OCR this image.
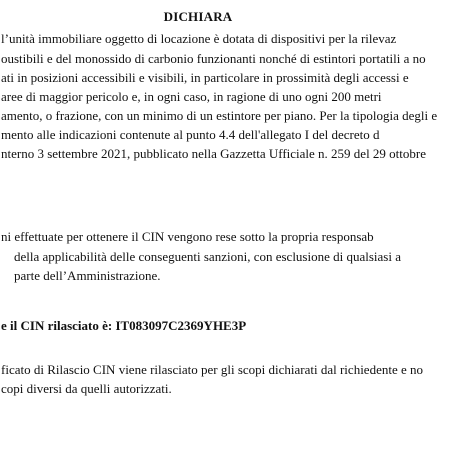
DICHIARA
l’unità immobiliare oggetto di locazione è dotata di dispositivi per la rilevaz
oustibili e del monossido di carbonio funzionanti nonché di estintori portatili a no
ati in posizioni accessibili e visibili, in particolare in prossimità degli accessi e
aree di maggior pericolo e, in ogni caso, in ragione di uno ogni 200 metri
amento, o frazione, con un minimo di un estintore per piano. Per la tipologia degli e
mento alle indicazioni contenute al punto 4.4 dell'allegato I del decreto d
nterno 3 settembre 2021, pubblicato nella Gazzetta Ufficiale n. 259 del 29 ottobre
ni effettuate per ottenere il CIN vengono rese sotto la propria responsab
della applicabilità delle conseguenti sanzioni, con esclusione di qualsiasi a
parte dell’Amministrazione.
e il CIN rilasciato è: IT083097C2369YHE3P
ficato di Rilascio CIN viene rilasciato per gli scopi dichiarati dal richiedente e no
copi diversi da quelli autorizzati.
